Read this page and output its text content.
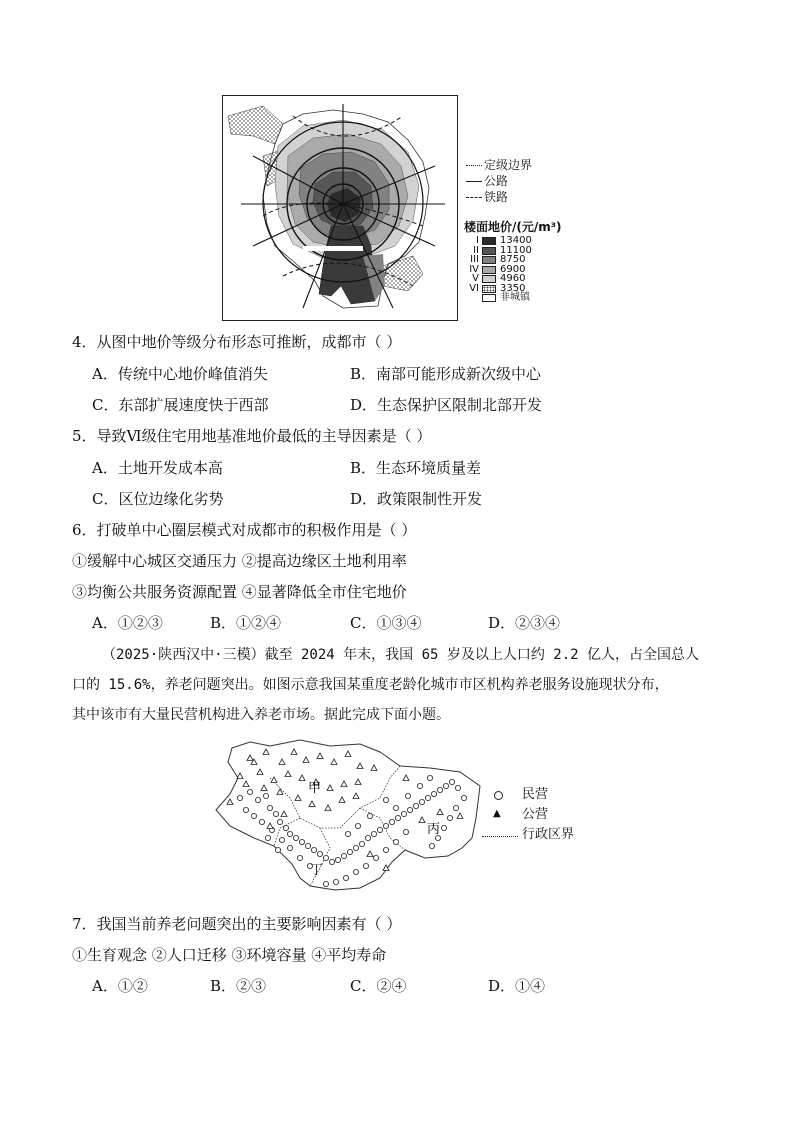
定级边界
公路
铁路
楼面地价/(元/m³)
I 13400
II 11100
III 8750
IV 6900
V 4960
VI 3350
非城镇
4．从图中地价等级分布形态可推断，成都市（ ）
A．传统中心地价峰值消失	B．南部可能形成新次级中心
C．东部扩展速度快于西部	D．生态保护区限制北部开发
5．导致Ⅵ级住宅用地基准地价最低的主导因素是（ ）
A．土地开发成本高	B．生态环境质量差
C．区位边缘化劣势	D．政策限制性开发
6．打破单中心圈层模式对成都市的积极作用是（ ）
①缓解中心城区交通压力 ②提高边缘区土地利用率
③均衡公共服务资源配置 ④显著降低全市住宅地价
A．①②③	B．①②④	C．①③④	D．②③④
（2025·陕西汉中·三模）截至 2024 年末，我国 65 岁及以上人口约 2.2 亿人，占全国总人
口的 15.6%，养老问题突出。如图示意我国某重度老龄化城市市区机构养老服务设施现状分布，
其中该市有大量民营机构进入养老市场。据此完成下面小题。
甲
丙
丁
民营
▲ 公营
行政区界
7．我国当前养老问题突出的主要影响因素有（ ）
①生育观念 ②人口迁移 ③环境容量 ④平均寿命
A．①②	B．②③	C．②④	D．①④
